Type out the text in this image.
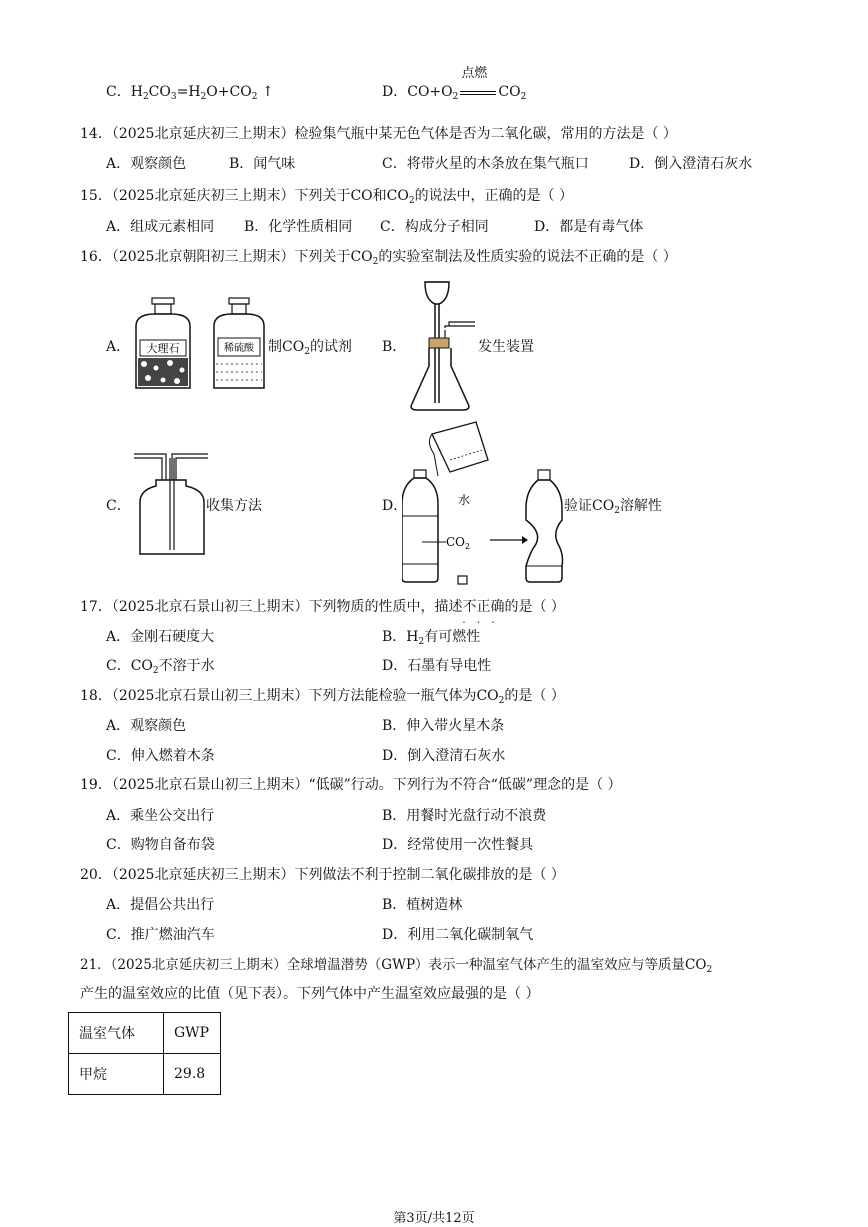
C．$H_2CO_3=H_2O+CO_2$ ↑	D．$CO+O_2$
点燃
$CO_2$
14．（2025北京延庆初三上期末）检验集气瓶中某无色气体是否为二氧化碳，常用的方法是（ ）
A．观察颜色	B．闻气味	C．将带火星的木条放在集气瓶口	D．倒入澄清石灰水
15．（2025北京延庆初三上期末）下列关于CO和$CO_2$的说法中，正确的是（ ）
A．组成元素相同 B．化学性质相同 C．构成分子相同	D．都是有毒气体
16．（2025北京朝阳初三上期末）下列关于$CO_2$的实验室制法及性质实验的说法不正确的是（ ）
A． 大理石	稀硫酸 制$CO_2$的试剂 B．	发生装置
C．	收集方法	D．	水
$CO_2$
验证$CO_2$溶解性
17．（2025北京石景山初三上期末）下列物质的性质中，描述不正确 • • •的是（ ）
A．金刚石硬度大	B．$H_2$有可燃性
C．$CO_2$不溶于水	D．石墨有导电性
18．（2025北京石景山初三上期末）下列方法能检验一瓶气体为$CO_2$的是（ ）
A．观察颜色	B．伸入带火星木条
C．伸入燃着木条	D．倒入澄清石灰水
19．（2025北京石景山初三上期末）“低碳”行动。下列行为不符合“低碳”理念的是（ ）
A．乘坐公交出行	B．用餐时光盘行动不浪费
C．购物自备布袋	D．经常使用一次性餐具
20．（2025北京延庆初三上期末）下列做法不利于控制二氧化碳排放的是（ ）
A．提倡公共出行	B．植树造林
C．推广燃油汽车	D．利用二氧化碳制氧气
21．（2025北京延庆初三上期末）全球增温潜势（GWP）表示一种温室气体产生的温室效应与等质量$CO_2$
产生的温室效应的比值（见下表）。下列气体中产生温室效应最强的是（ ）
温室气体	GWP
甲烷	29.8
第3页/共12页
